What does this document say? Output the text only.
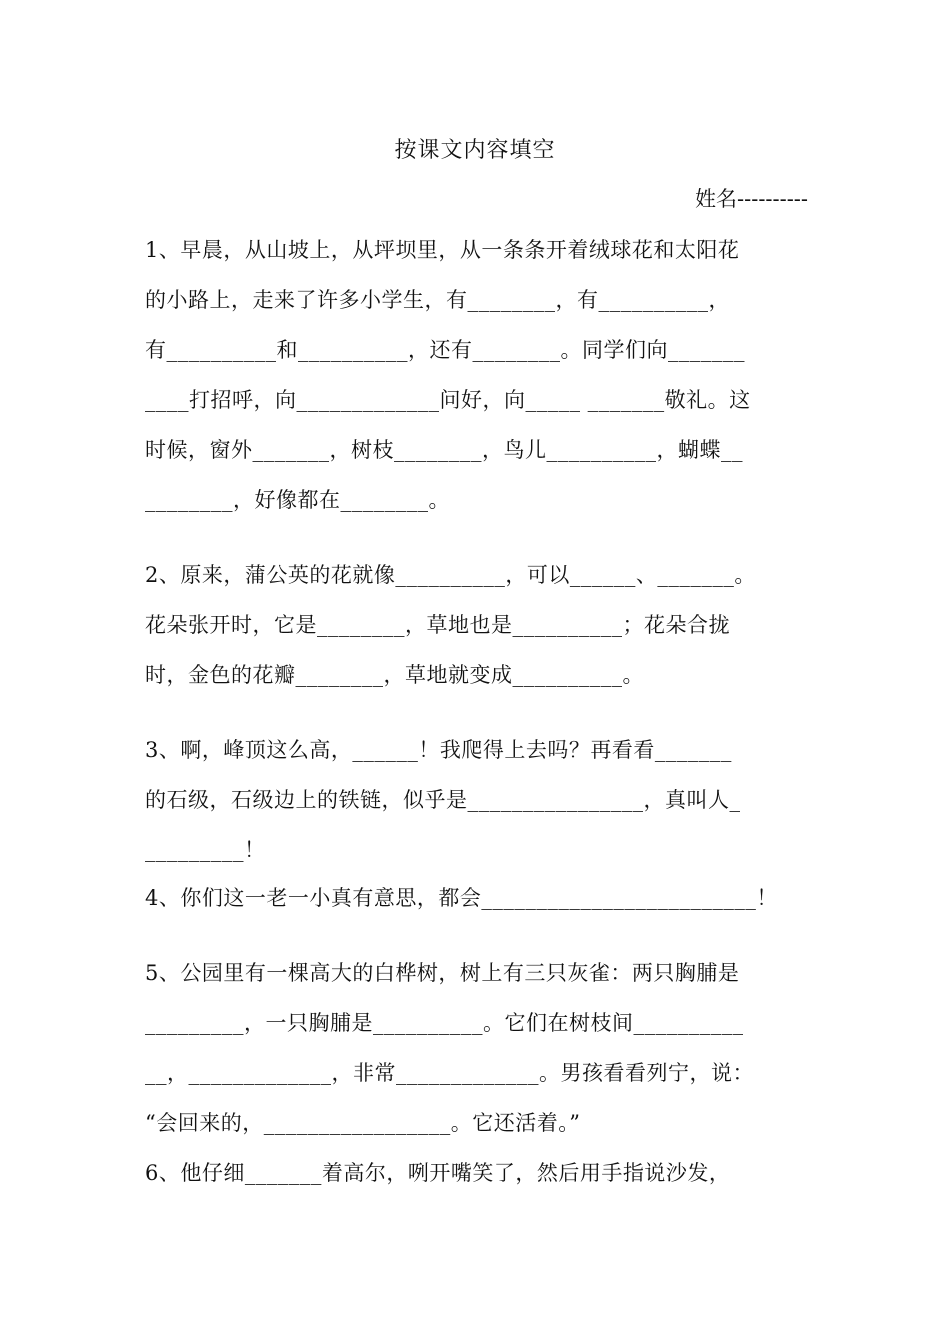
按课文内容填空
姓名----------
1、早晨，从山坡上，从坪坝里，从一条条开着绒球花和太阳花
的小路上，走来了许多小学生，有________，有__________，
有__________和__________，还有________。同学们向_______
____打招呼，向_____________问好，向_____ _______敬礼。这
时候，窗外_______，树枝________，鸟儿__________，蝴蝶__
________，好像都在________。
2、原来，蒲公英的花就像__________，可以______、_______。
花朵张开时，它是________，草地也是__________；花朵合拢
时，金色的花瓣________，草地就变成__________。
3、啊，峰顶这么高，______！我爬得上去吗？再看看_______
的石级，石级边上的铁链，似乎是________________，真叫人_
_________！
4、你们这一老一小真有意思，都会_________________________！
5、公园里有一棵高大的白桦树，树上有三只灰雀：两只胸脯是
_________，一只胸脯是__________。它们在树枝间__________
__，_____________，非常_____________。男孩看看列宁，说：
“会回来的，_________________。它还活着。”
6、他仔细_______着高尔，咧开嘴笑了，然后用手指说沙发，
